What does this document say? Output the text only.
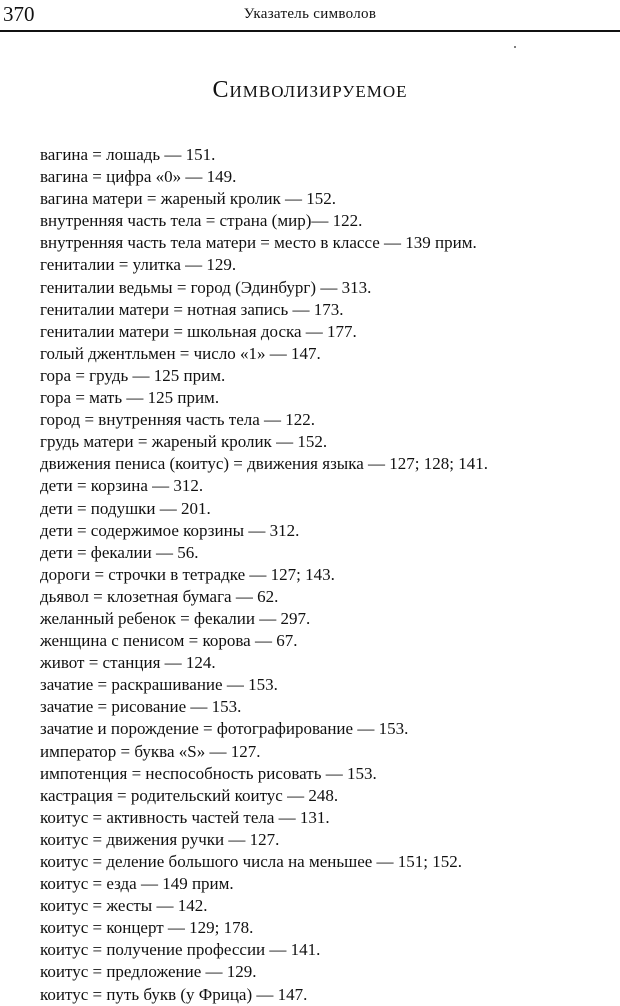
370	Указатель символов
Символизируемое
вагина = лошадь — 151.
вагина = цифра «0» — 149.
вагина матери = жареный кролик — 152.
внутренняя часть тела = страна (мир)— 122.
внутренняя часть тела матери = место в классе — 139 прим.
гениталии = улитка — 129.
гениталии ведьмы = город (Эдинбург) — 313.
гениталии матери = нотная запись — 173.
гениталии матери = школьная доска — 177.
голый джентльмен = число «1» — 147.
гора = грудь — 125 прим.
гора = мать — 125 прим.
город = внутренняя часть тела — 122.
грудь матери = жареный кролик — 152.
движения пениса (коитус) = движения языка — 127; 128; 141.
дети = корзина — 312.
дети = подушки — 201.
дети = содержимое корзины — 312.
дети = фекалии — 56.
дороги = строчки в тетрадке — 127; 143.
дьявол = клозетная бумага — 62.
желанный ребенок = фекалии — 297.
женщина с пенисом = корова — 67.
живот = станция — 124.
зачатие = раскрашивание — 153.
зачатие = рисование — 153.
зачатие и порождение = фотографирование — 153.
император = буква «S» — 127.
импотенция = неспособность рисовать — 153.
кастрация = родительский коитус — 248.
коитус = активность частей тела — 131.
коитус = движения ручки — 127.
коитус = деление большого числа на меньшее — 151; 152.
коитус = езда — 149 прим.
коитус = жесты — 142.
коитус = концерт — 129; 178.
коитус = получение профессии — 141.
коитус = предложение — 129.
коитус = путь букв (у Фрица) — 147.
